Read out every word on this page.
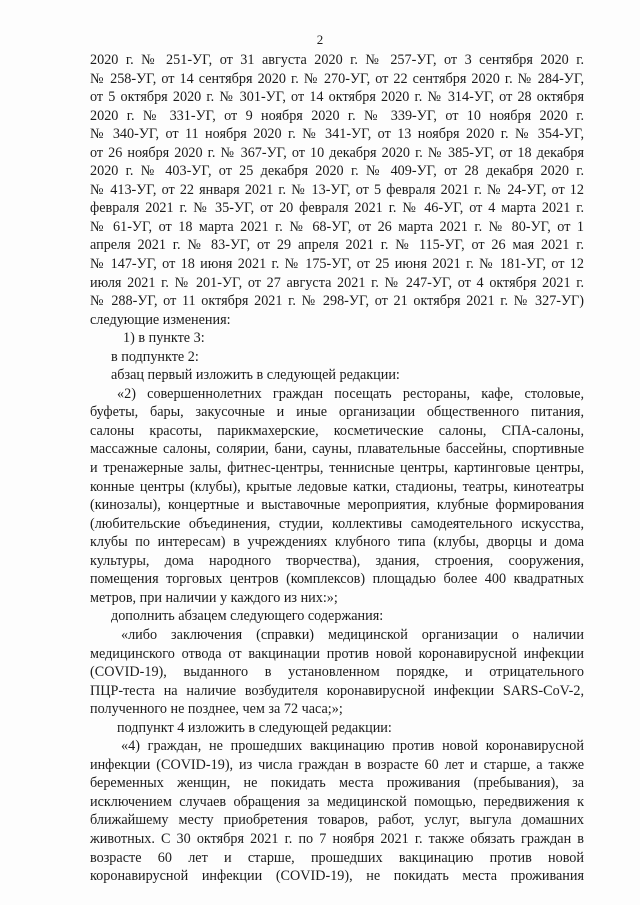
2
2020 г. № 251-УГ, от 31 августа 2020 г. № 257-УГ, от 3 сентября 2020 г.
№ 258-УГ, от 14 сентября 2020 г. № 270-УГ, от 22 сентября 2020 г. № 284-УГ,
от 5 октября 2020 г. № 301-УГ, от 14 октября 2020 г. № 314-УГ, от 28 октября
2020 г. № 331-УГ, от 9 ноября 2020 г. № 339-УГ, от 10 ноября 2020 г.
№ 340-УГ, от 11 ноября 2020 г. № 341-УГ, от 13 ноября 2020 г. № 354-УГ,
от 26 ноября 2020 г. № 367-УГ, от 10 декабря 2020 г. № 385-УГ, от 18 декабря
2020 г. № 403-УГ, от 25 декабря 2020 г. № 409-УГ, от 28 декабря 2020 г.
№ 413-УГ, от 22 января 2021 г. № 13-УГ, от 5 февраля 2021 г. № 24-УГ, от 12
февраля 2021 г. № 35-УГ, от 20 февраля 2021 г. № 46-УГ, от 4 марта 2021 г.
№ 61-УГ, от 18 марта 2021 г. № 68-УГ, от 26 марта 2021 г. № 80-УГ, от 1
апреля 2021 г. № 83-УГ, от 29 апреля 2021 г. № 115-УГ, от 26 мая 2021 г.
№ 147-УГ, от 18 июня 2021 г. № 175-УГ, от 25 июня 2021 г. № 181-УГ, от 12
июля 2021 г. № 201-УГ, от 27 августа 2021 г. № 247-УГ, от 4 октября 2021 г.
№ 288-УГ, от 11 октября 2021 г. № 298-УГ, от 21 октября 2021 г. № 327-УГ)
следующие изменения:
1) в пункте 3:
в подпункте 2:
абзац первый изложить в следующей редакции:
«2) совершеннолетних граждан посещать рестораны, кафе, столовые,
буфеты, бары, закусочные и иные организации общественного питания,
салоны красоты, парикмахерские, косметические салоны, СПА-салоны,
массажные салоны, солярии, бани, сауны, плавательные бассейны, спортивные
и тренажерные залы, фитнес-центры, теннисные центры, картинговые центры,
конные центры (клубы), крытые ледовые катки, стадионы, театры, кинотеатры
(кинозалы), концертные и выставочные мероприятия, клубные формирования
(любительские объединения, студии, коллективы самодеятельного искусства,
клубы по интересам) в учреждениях клубного типа (клубы, дворцы и дома
культуры, дома народного творчества), здания, строения, сооружения,
помещения торговых центров (комплексов) площадью более 400 квадратных
метров, при наличии у каждого из них:»;
дополнить абзацем следующего содержания:
«либо заключения (справки) медицинской организации о наличии
медицинского отвода от вакцинации против новой коронавирусной инфекции
(COVID-19), выданного в установленном порядке, и отрицательного
ПЦР-теста на наличие возбудителя коронавирусной инфекции SARS-CoV-2,
полученного не позднее, чем за 72 часа;»;
подпункт 4 изложить в следующей редакции:
«4) граждан, не прошедших вакцинацию против новой коронавирусной
инфекции (COVID-19), из числа граждан в возрасте 60 лет и старше, а также
беременных женщин, не покидать места проживания (пребывания), за
исключением случаев обращения за медицинской помощью, передвижения к
ближайшему месту приобретения товаров, работ, услуг, выгула домашних
животных. С 30 октября 2021 г. по 7 ноября 2021 г. также обязать граждан в
возрасте 60 лет и старше, прошедших вакцинацию против новой
коронавирусной инфекции (COVID-19), не покидать места проживания
